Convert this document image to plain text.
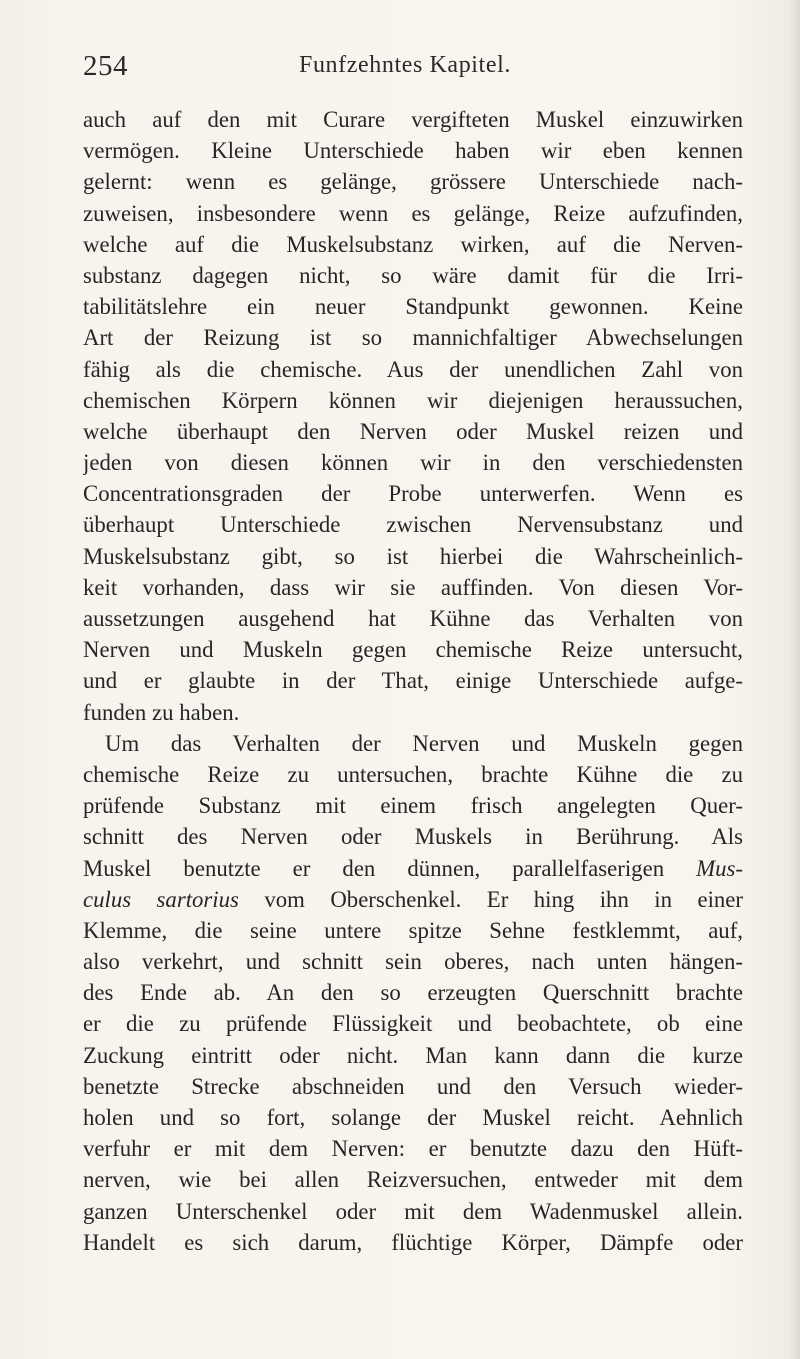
254	Funfzehntes Kapitel.
auch auf den mit Curare vergifteten Muskel einzuwirken
vermögen. Kleine Unterschiede haben wir eben kennen
gelernt: wenn es gelänge, grössere Unterschiede nach-
zuweisen, insbesondere wenn es gelänge, Reize aufzufinden,
welche auf die Muskelsubstanz wirken, auf die Nerven-
substanz dagegen nicht, so wäre damit für die Irri-
tabilitätslehre ein neuer Standpunkt gewonnen. Keine
Art der Reizung ist so mannichfaltiger Abwechselungen
fähig als die chemische. Aus der unendlichen Zahl von
chemischen Körpern können wir diejenigen heraussuchen,
welche überhaupt den Nerven oder Muskel reizen und
jeden von diesen können wir in den verschiedensten
Concentrationsgraden der Probe unterwerfen. Wenn es
überhaupt Unterschiede zwischen Nervensubstanz und
Muskelsubstanz gibt, so ist hierbei die Wahrscheinlich-
keit vorhanden, dass wir sie auffinden. Von diesen Vor-
aussetzungen ausgehend hat Kühne das Verhalten von
Nerven und Muskeln gegen chemische Reize untersucht,
und er glaubte in der That, einige Unterschiede aufge-
funden zu haben.
Um das Verhalten der Nerven und Muskeln gegen
chemische Reize zu untersuchen, brachte Kühne die zu
prüfende Substanz mit einem frisch angelegten Quer-
schnitt des Nerven oder Muskels in Berührung. Als
Muskel benutzte er den dünnen, parallelfaserigen Mus-
culus sartorius vom Oberschenkel. Er hing ihn in einer
Klemme, die seine untere spitze Sehne festklemmt, auf,
also verkehrt, und schnitt sein oberes, nach unten hängen-
des Ende ab. An den so erzeugten Querschnitt brachte
er die zu prüfende Flüssigkeit und beobachtete, ob eine
Zuckung eintritt oder nicht. Man kann dann die kurze
benetzte Strecke abschneiden und den Versuch wieder-
holen und so fort, solange der Muskel reicht. Aehnlich
verfuhr er mit dem Nerven: er benutzte dazu den Hüft-
nerven, wie bei allen Reizversuchen, entweder mit dem
ganzen Unterschenkel oder mit dem Wadenmuskel allein.
Handelt es sich darum, flüchtige Körper, Dämpfe oder
